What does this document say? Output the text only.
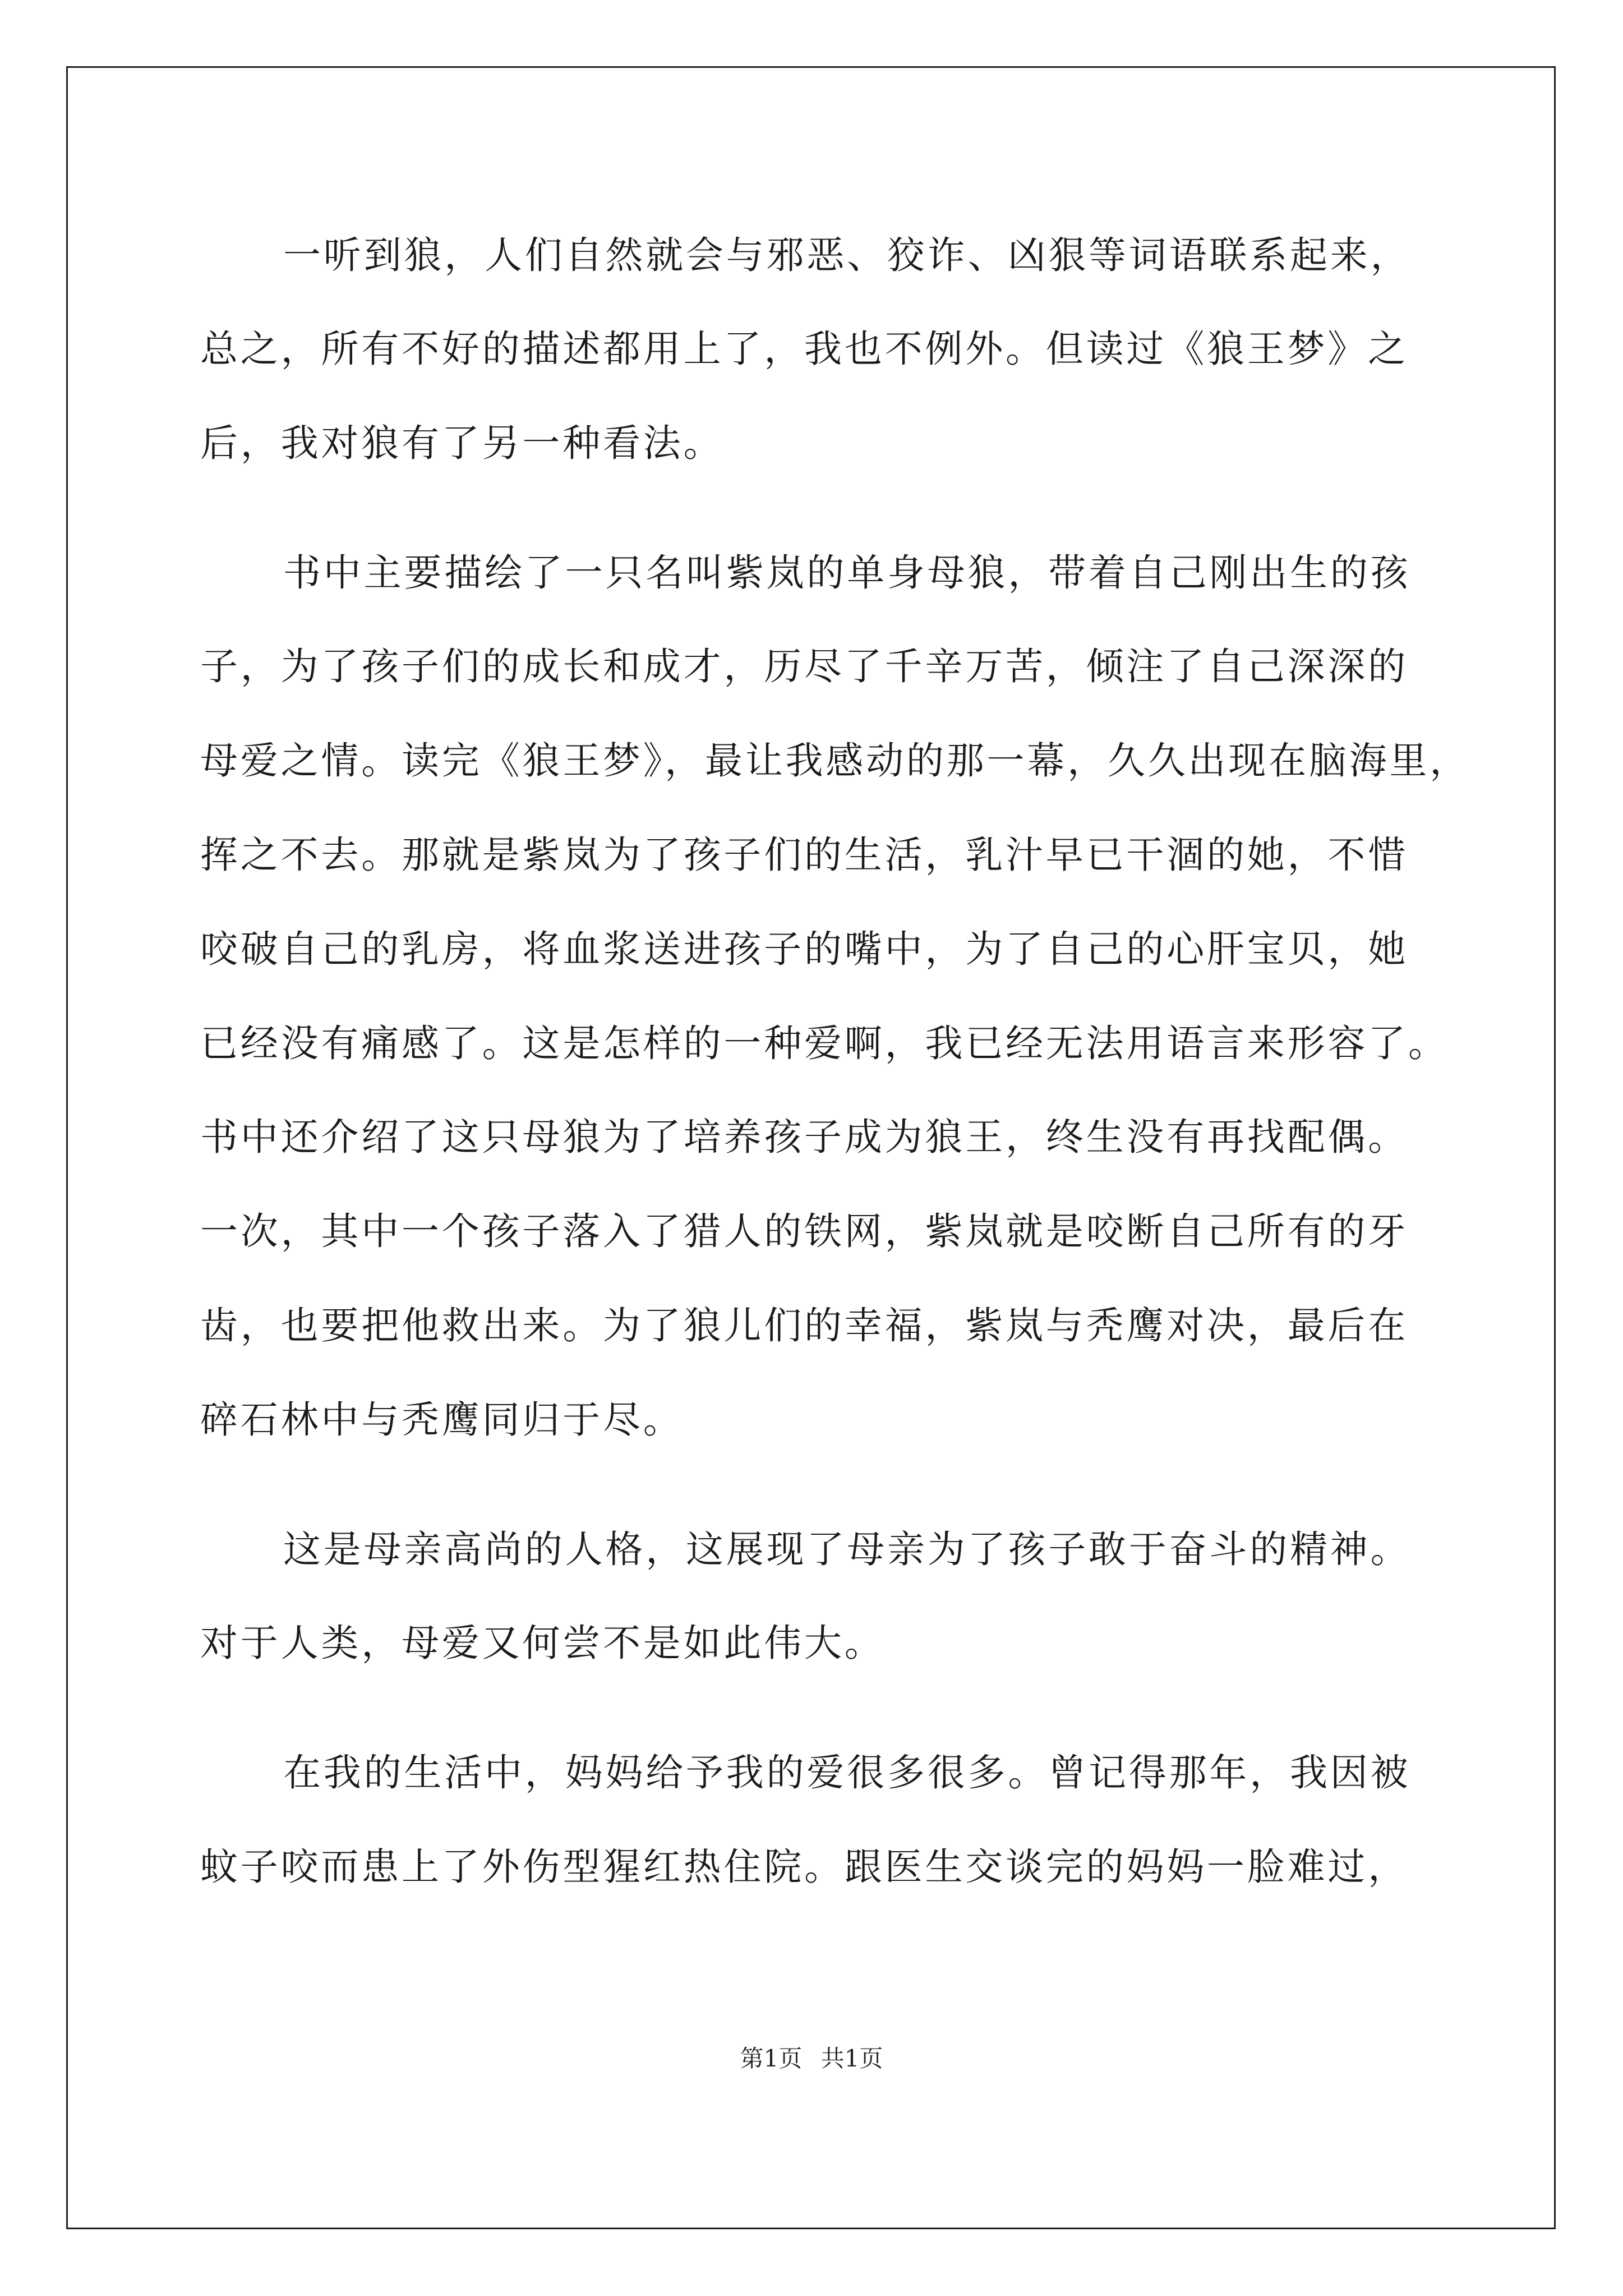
一听到狼，人们自然就会与邪恶、狡诈、凶狠等词语联系起来，
总之，所有不好的描述都用上了，我也不例外。但读过《狼王梦》之
后，我对狼有了另一种看法。
书中主要描绘了一只名叫紫岚的单身母狼，带着自己刚出生的孩
子，为了孩子们的成长和成才，历尽了千辛万苦，倾注了自己深深的
母爱之情。读完《狼王梦》，最让我感动的那一幕，久久出现在脑海里，
挥之不去。那就是紫岚为了孩子们的生活，乳汁早已干涸的她，不惜
咬破自己的乳房，将血浆送进孩子的嘴中，为了自己的心肝宝贝，她
已经没有痛感了。这是怎样的一种爱啊，我已经无法用语言来形容了。
书中还介绍了这只母狼为了培养孩子成为狼王，终生没有再找配偶。
一次，其中一个孩子落入了猎人的铁网，紫岚就是咬断自己所有的牙
齿，也要把他救出来。为了狼儿们的幸福，紫岚与秃鹰对决，最后在
碎石林中与秃鹰同归于尽。
这是母亲高尚的人格，这展现了母亲为了孩子敢于奋斗的精神。
对于人类，母爱又何尝不是如此伟大。
在我的生活中，妈妈给予我的爱很多很多。曾记得那年，我因被
蚊子咬而患上了外伤型猩红热住院。跟医生交谈完的妈妈一脸难过，
第1页 共1页
